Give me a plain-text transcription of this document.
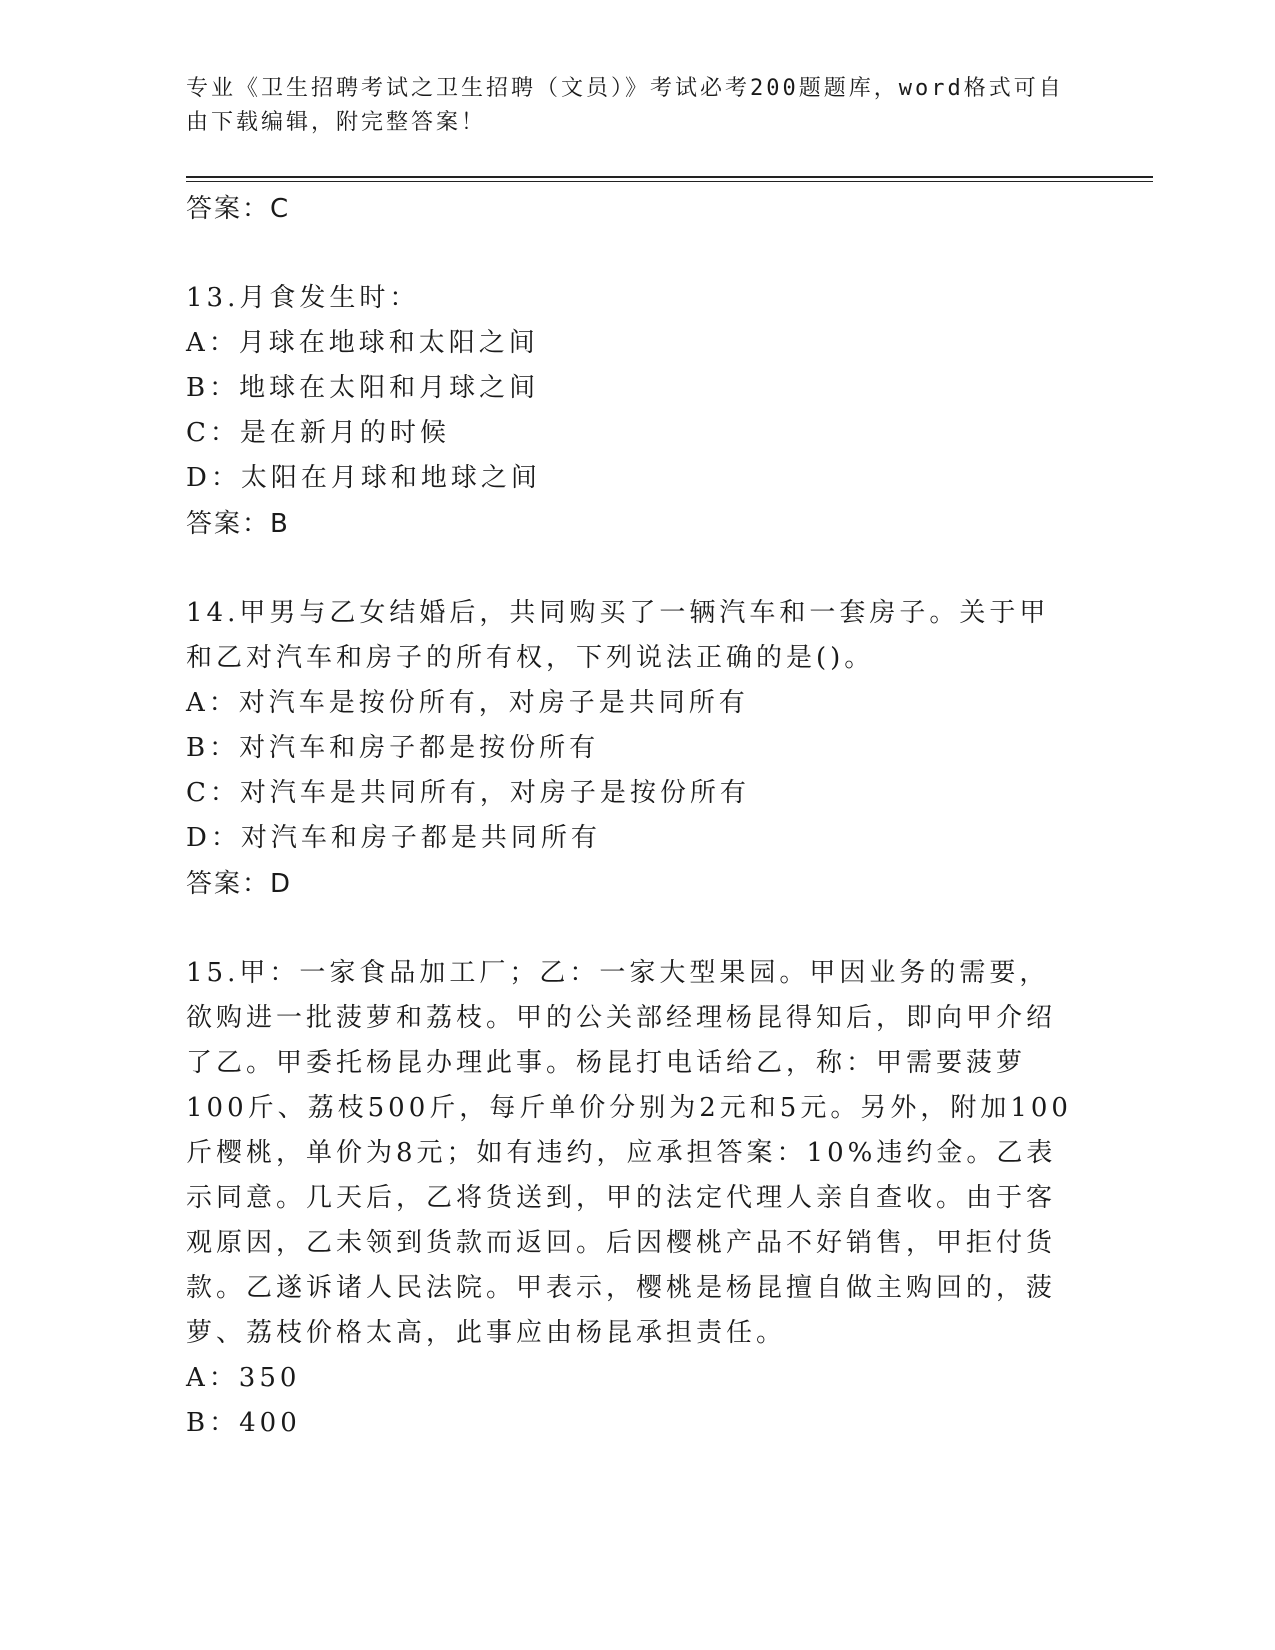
专业《卫生招聘考试之卫生招聘（文员）》考试必考200题题库，word格式可自由下载编辑，附完整答案！

答案：C

13.月食发生时：

A：月球在地球和太阳之间

B：地球在太阳和月球之间

C：是在新月的时候

D：太阳在月球和地球之间

答案：B

14.甲男与乙女结婚后，共同购买了一辆汽车和一套房子。关于甲和乙对汽车和房子的所有权，下列说法正确的是()。

A：对汽车是按份所有，对房子是共同所有

B：对汽车和房子都是按份所有

C：对汽车是共同所有，对房子是按份所有

D：对汽车和房子都是共同所有

答案：D

15.甲：一家食品加工厂；乙：一家大型果园。甲因业务的需要，欲购进一批菠萝和荔枝。甲的公关部经理杨昆得知后，即向甲介绍了乙。甲委托杨昆办理此事。杨昆打电话给乙，称：甲需要菠萝100斤、荔枝500斤，每斤单价分别为2元和5元。另外，附加100斤樱桃，单价为8元；如有违约，应承担答案：10%违约金。乙表示同意。几天后，乙将货送到，甲的法定代理人亲自查收。由于客观原因，乙未领到货款而返回。后因樱桃产品不好销售，甲拒付货款。乙遂诉诸人民法院。甲表示，樱桃是杨昆擅自做主购回的，菠萝、荔枝价格太高，此事应由杨昆承担责任。

A：350

B：400
